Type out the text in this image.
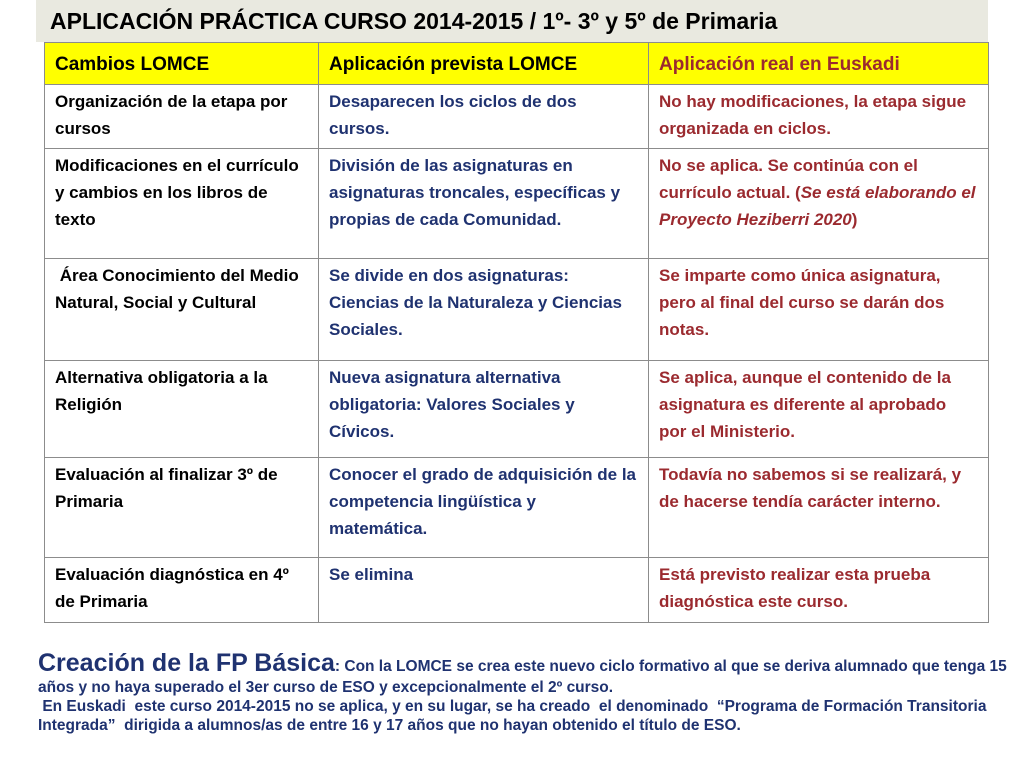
APLICACIÓN PRÁCTICA CURSO 2014-2015 / 1º- 3º y 5º de Primaria
Cambios LOMCE	Aplicación prevista LOMCE	Aplicación real en Euskadi
Organización de la etapa por cursos	Desaparecen los ciclos de dos cursos.	No hay modificaciones, la etapa sigue organizada en ciclos.
Modificaciones en el currículo y cambios en los libros de texto	División de las asignaturas en asignaturas troncales, específicas y propias de cada Comunidad.	No se aplica. Se continúa con el currículo actual. (Se está elaborando el Proyecto Heziberri 2020)
Área Conocimiento del Medio Natural, Social y Cultural	Se divide en dos asignaturas: Ciencias de la Naturaleza y Ciencias Sociales.	Se imparte como única asignatura, pero al final del curso se darán dos notas.
Alternativa obligatoria a la Religión	Nueva asignatura alternativa obligatoria: Valores Sociales y Cívicos.	Se aplica, aunque el contenido de la asignatura es diferente al aprobado por el Ministerio.
Evaluación al finalizar 3º de Primaria	Conocer el grado de adquisición de la competencia lingüística y matemática.	Todavía no sabemos si se realizará, y de hacerse tendía carácter interno.
Evaluación diagnóstica en 4º de Primaria	Se elimina	Está previsto realizar esta prueba diagnóstica este curso.

Creación de la FP Básica: Con la LOMCE se crea este nuevo ciclo formativo al que se deriva alumnado que tenga 15 años y no haya superado el 3er curso de ESO y excepcionalmente el 2º curso.

En Euskadi  este curso 2014-2015 no se aplica, y en su lugar, se ha creado  el denominado  “Programa de Formación Transitoria Integrada”  dirigida a alumnos/as de entre 16 y 17 años que no hayan obtenido el título de ESO.
